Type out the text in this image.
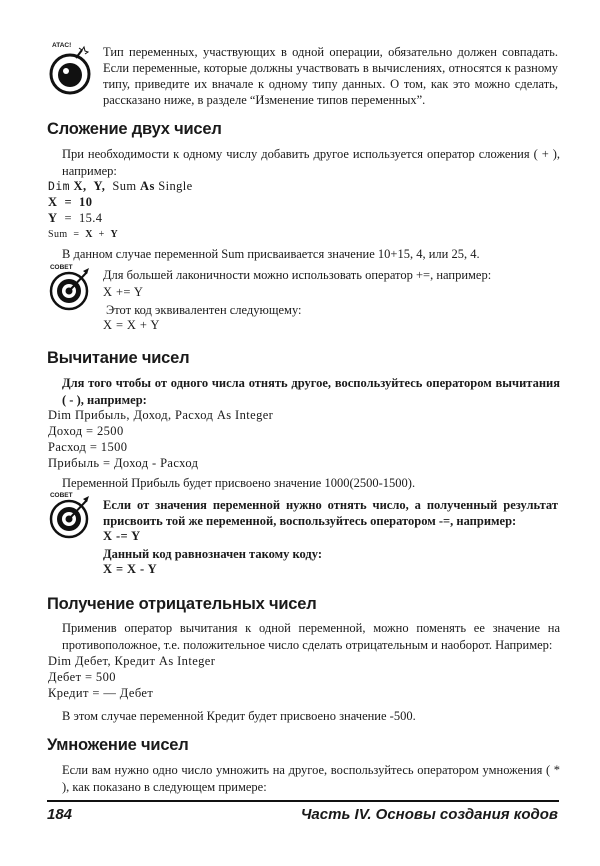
ATAC!	Тип переменных, участвующих в одной операции, обязательно должен совпадать. Если переменные, которые должны участвовать в вычислениях, относятся к разному типу, приведите их вначале к одному типу данных. О том, как это можно сделать, рассказано ниже, в разделе “Изменение типов переменных”.

Сложение двух чисел

При необходимости к одному числу добавить другое используется оператор сложения ( + ), например:

Dim X, Y,  Sum As Single
X  =  10
Y  =  15.4
Sum  =  X  +  Y

В данном случае переменной Sum присваивается значение 10+15, 4, или 25, 4.

СОВЕТ

Для большей лаконичности можно использовать оператор +=, например:

X += Y

Этот код эквивалентен следующему:

X = X + Y
Вычитание чисел

Для того чтобы от одного числа отнять другое, воспользуйтесь оператором вычитания ( - ), например:

Dim Прибыль, Доход, Расход As Integer
Доход = 2500
Расход = 1500
Прибыль = Доход - Расход

Переменной Прибыль будет присвоено значение 1000(2500-1500).

СОВЕТ

Если от значения переменной нужно отнять число, а полученный результат присвоить той же переменной, воспользуйтесь оператором -=, например:

X -= Y

Данный код равнозначен такому коду:

X = X - Y
Получение отрицательных чисел

Применив оператор вычитания к одной переменной, можно поменять ее значение на противоположное, т.е. положительное число сделать отрицательным и наоборот. Например:

Dim Дебет, Кредит As Integer
Дебет = 500
Кредит = — Дебет

В этом случае переменной Кредит будет присвоено значение -500.

Умножение чисел

Если вам нужно одно число умножить на другое, воспользуйтесь оператором умножения ( * ), как показано в следующем примере:

184	Часть IV. Основы создания кодов
